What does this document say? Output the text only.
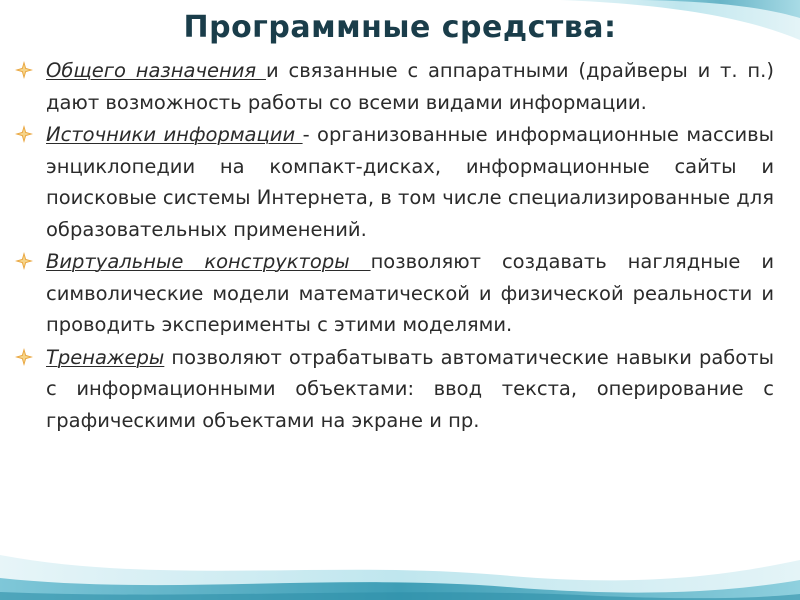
Программные средства:
Общего назначения и связанные с аппаратными (драйверы и т. п.) дают возможность работы со всеми видами информации.
Источники информации - организованные информационные массивы энциклопедии на компакт-дисках, информационные сайты и поисковые системы Интернета, в том числе специализированные для образовательных применений.
Виртуальные конструкторы позволяют создавать наглядные и символические модели математической и физической реальности и проводить эксперименты с этими моделями.
Тренажеры позволяют отрабатывать автоматические навыки работы с информационными объектами: ввод текста, оперирование с графическими объектами на экране и пр.
